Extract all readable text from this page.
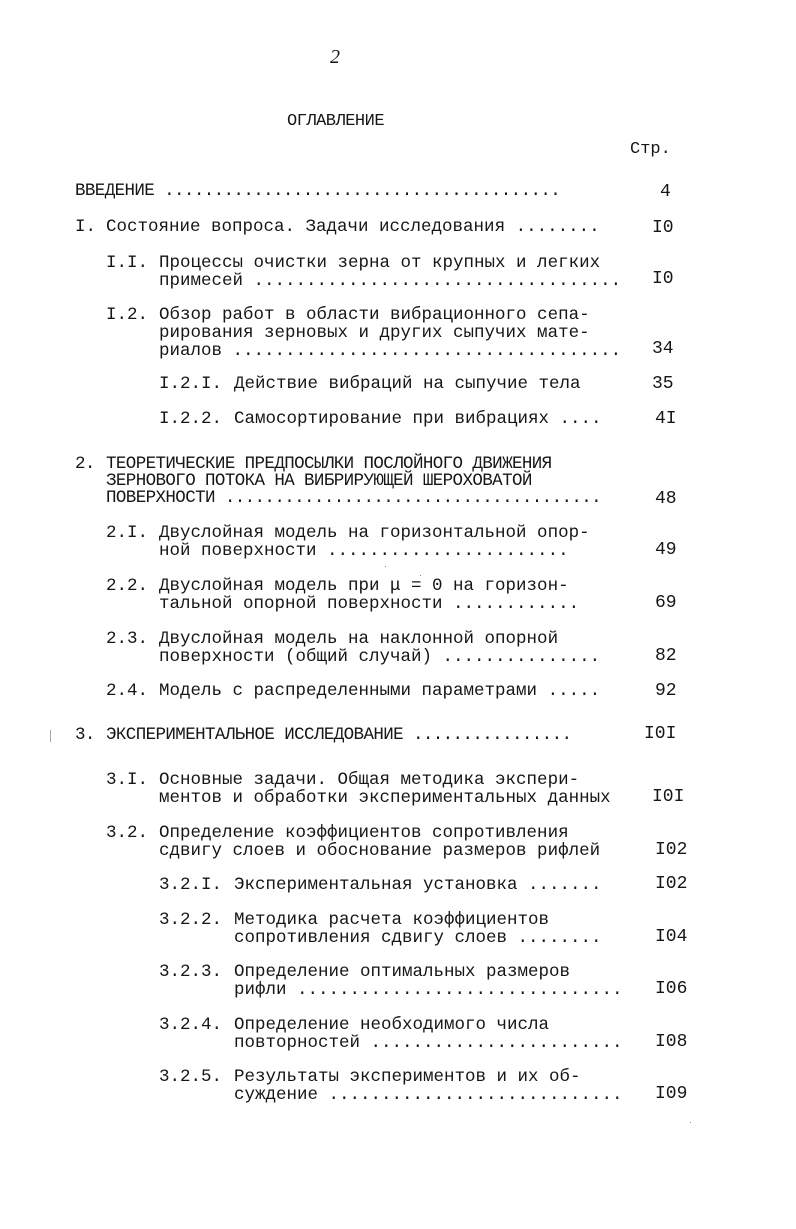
2
ОГЛАВЛЕНИЕ
Стр.
ВВЕДЕНИЕ ........................................	4
I. Состояние вопроса. Задачи исследования ........	I0
I.I. Процессы очистки зерна от крупных и легких
примесей ................................... I0
I.2. Обзор работ в области вибрационного сепа-
рирования зерновых и других сыпучих мате-
риалов ..................................... 34
I.2.I. Действие вибраций на сыпучие тела	35
I.2.2. Самосортирование при вибрациях ....	4I
2. ТЕОРЕТИЧЕСКИЕ ПРЕДПОСЫЛКИ ПОСЛОЙНОГО ДВИЖЕНИЯ
ЗЕРНОВОГО ПОТОКА НА ВИБРИРУЮЩЕЙ ШЕРОХОВАТОЙ
ПОВЕРХНОСТИ ......................................	48
2.I. Двуслойная модель на горизонтальной опор-
ной поверхности .......................	49
2.2. Двуслойная модель при μ = 0 на горизон-
тальной опорной поверхности ............	69
2.3. Двуслойная модель на наклонной опорной
поверхности (общий случай) ...............	82
2.4. Модель с распределенными параметрами .....	92
3. ЭКСПЕРИМЕНТАЛЬНОЕ ИССЛЕДОВАНИЕ ................	I0I
3.I. Основные задачи. Общая методика экспери-
ментов и обработки экспериментальных данных I0I
3.2. Определение коэффициентов сопротивления
сдвигу слоев и обоснование размеров рифлей	I02
3.2.I. Экспериментальная установка .......	I02
3.2.2. Методика расчета коэффициентов
сопротивления сдвигу слоев ........	I04
3.2.3. Определение оптимальных размеров
рифли ............................... I06
3.2.4. Определение необходимого числа
повторностей ........................ I08
3.2.5. Результаты экспериментов и их об-
суждение ............................ I09
